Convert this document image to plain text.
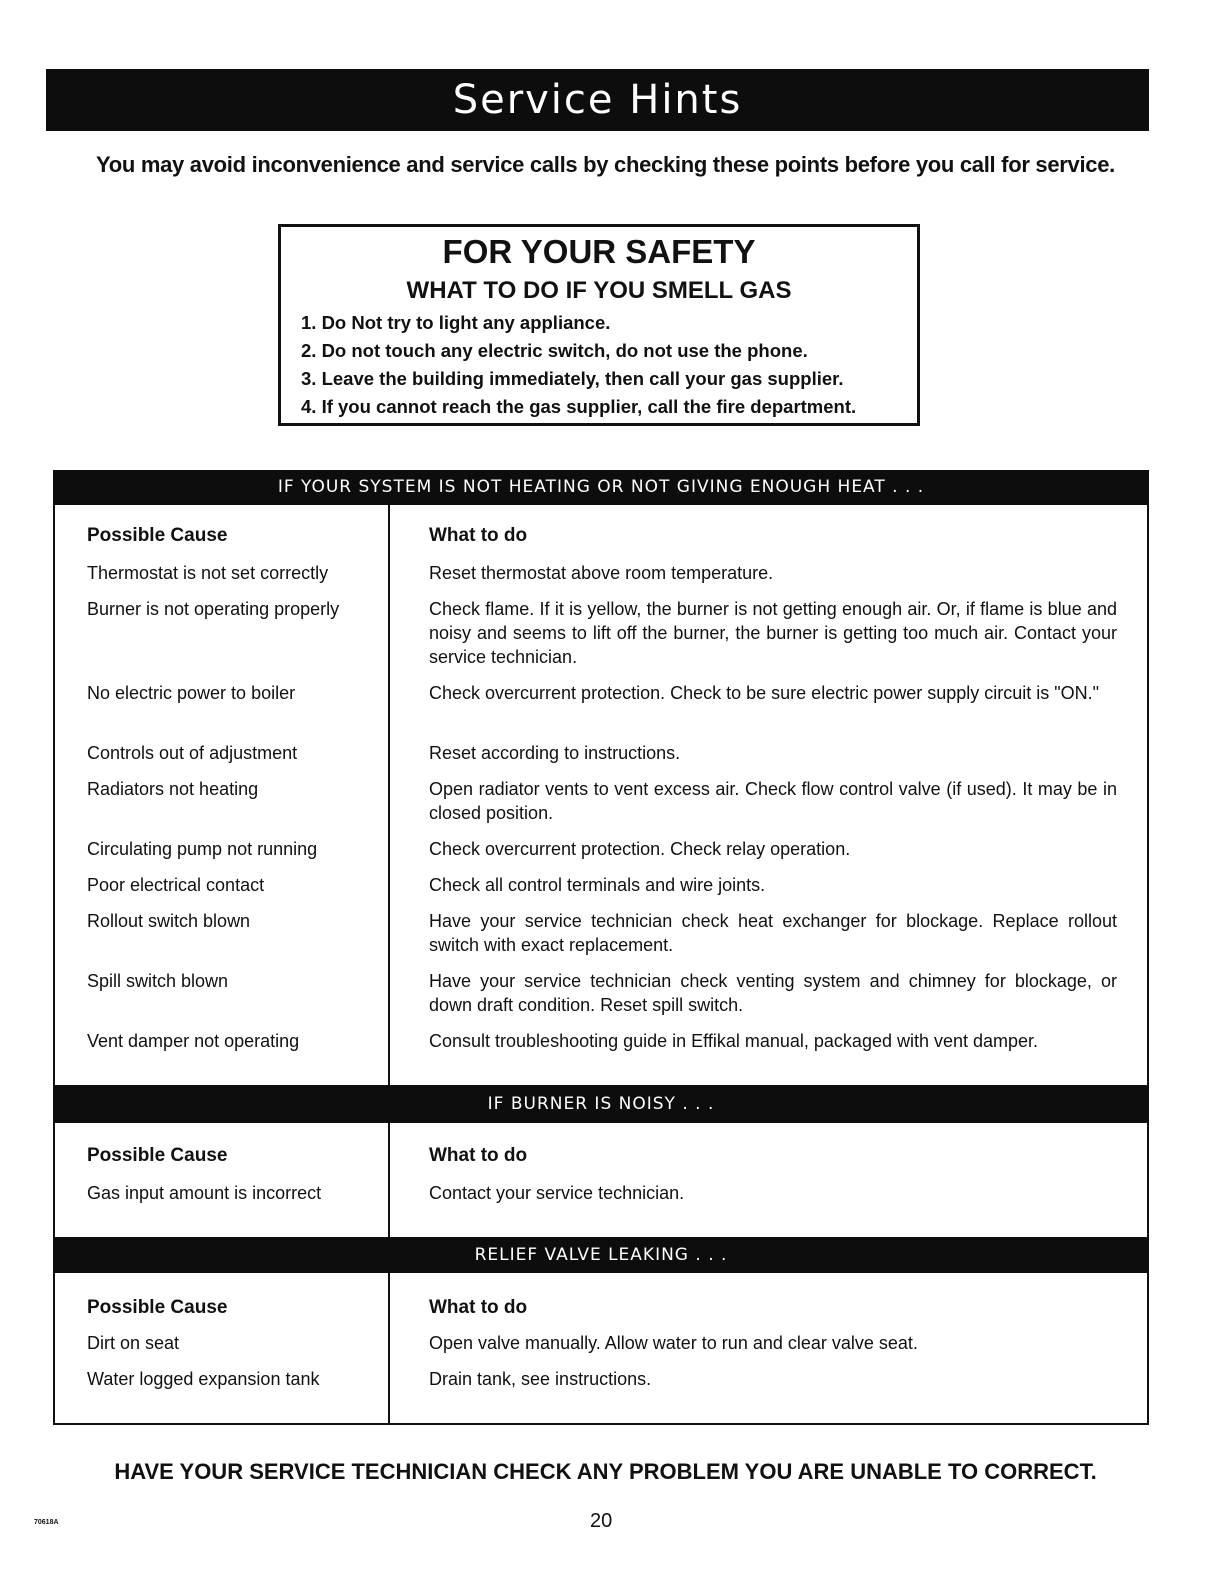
Service Hints
You may avoid inconvenience and service calls by checking these points before you call for service.
FOR YOUR SAFETY
WHAT TO DO IF YOU SMELL GAS
1. Do Not try to light any appliance.
2. Do not touch any electric switch, do not use the phone.
3. Leave the building immediately, then call your gas supplier.
4. If you cannot reach the gas supplier, call the fire department.
IF YOUR SYSTEM IS NOT HEATING OR NOT GIVING ENOUGH HEAT . . .
Possible Cause
Thermostat is not set correctly
Burner is not operating properly
No electric power to boiler
Controls out of adjustment
Radiators not heating
Circulating pump not running
Poor electrical contact
Rollout switch blown
Spill switch blown
Vent damper not operating
What to do
Reset thermostat above room temperature.
Check flame. If it is yellow, the burner is not getting enough air. Or, if flame is blue and noisy and seems to lift off the burner, the burner is getting too much air. Contact your service technician.
Check overcurrent protection. Check to be sure electric power supply circuit is "ON."
Reset according to instructions.
Open radiator vents to vent excess air. Check flow control valve (if used). It may be in closed position.
Check overcurrent protection. Check relay operation.
Check all control terminals and wire joints.
Have your service technician check heat exchanger for blockage. Replace rollout switch with exact replacement.
Have your service technician check venting system and chimney for blockage, or down draft condition. Reset spill switch.
Consult troubleshooting guide in Effikal manual, packaged with vent damper.
IF BURNER IS NOISY . . .
Possible Cause
Gas input amount is incorrect
What to do
Contact your service technician.
RELIEF VALVE LEAKING . . .
Possible Cause
Dirt on seat
Water logged expansion tank
What to do
Open valve manually. Allow water to run and clear valve seat.
Drain tank, see instructions.
HAVE YOUR SERVICE TECHNICIAN CHECK ANY PROBLEM YOU ARE UNABLE TO CORRECT.
70618A	20
